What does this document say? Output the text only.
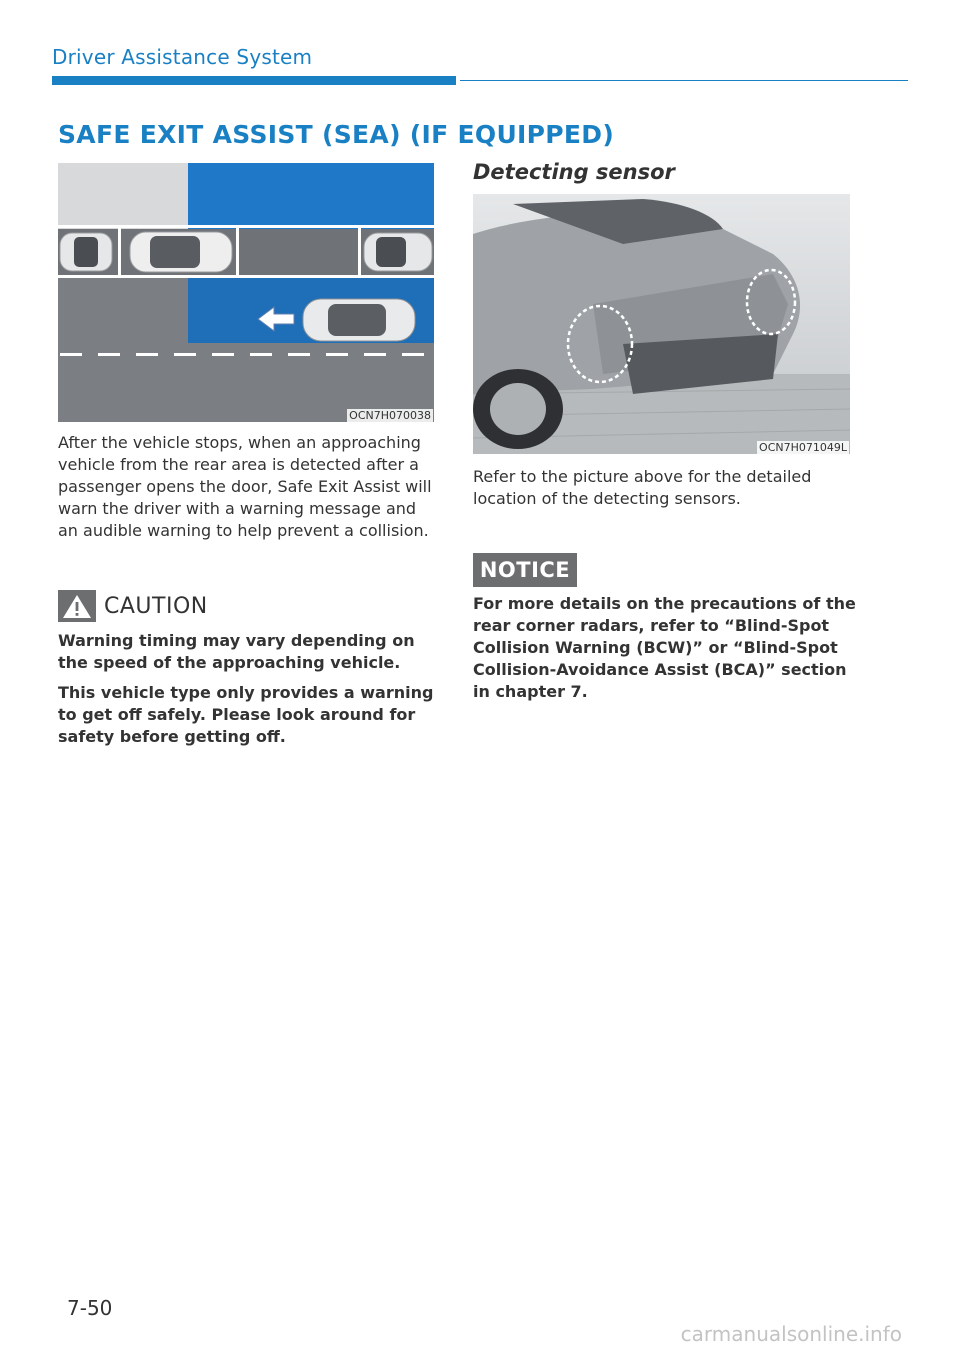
Driver Assistance System
SAFE EXIT ASSIST (SEA) (IF EQUIPPED)
OCN7H070038

After the vehicle stops, when an approaching vehicle from the rear area is detected after a passenger opens the door, Safe Exit Assist will warn the driver with a warning message and an audible warning to help prevent a collision.

CAUTION

Warning timing may vary depending on the speed of the approaching vehicle.

This vehicle type only provides a warning to get off safely. Please look around for safety before getting off.

Detecting sensor
OCN7H071049L

Refer to the picture above for the detailed location of the detecting sensors.

NOTICE

For more details on the precautions of the rear corner radars, refer to “Blind-Spot Collision Warning (BCW)” or “Blind-Spot Collision-Avoidance Assist (BCA)” section in chapter 7.

7-50
carmanualsonline.info
